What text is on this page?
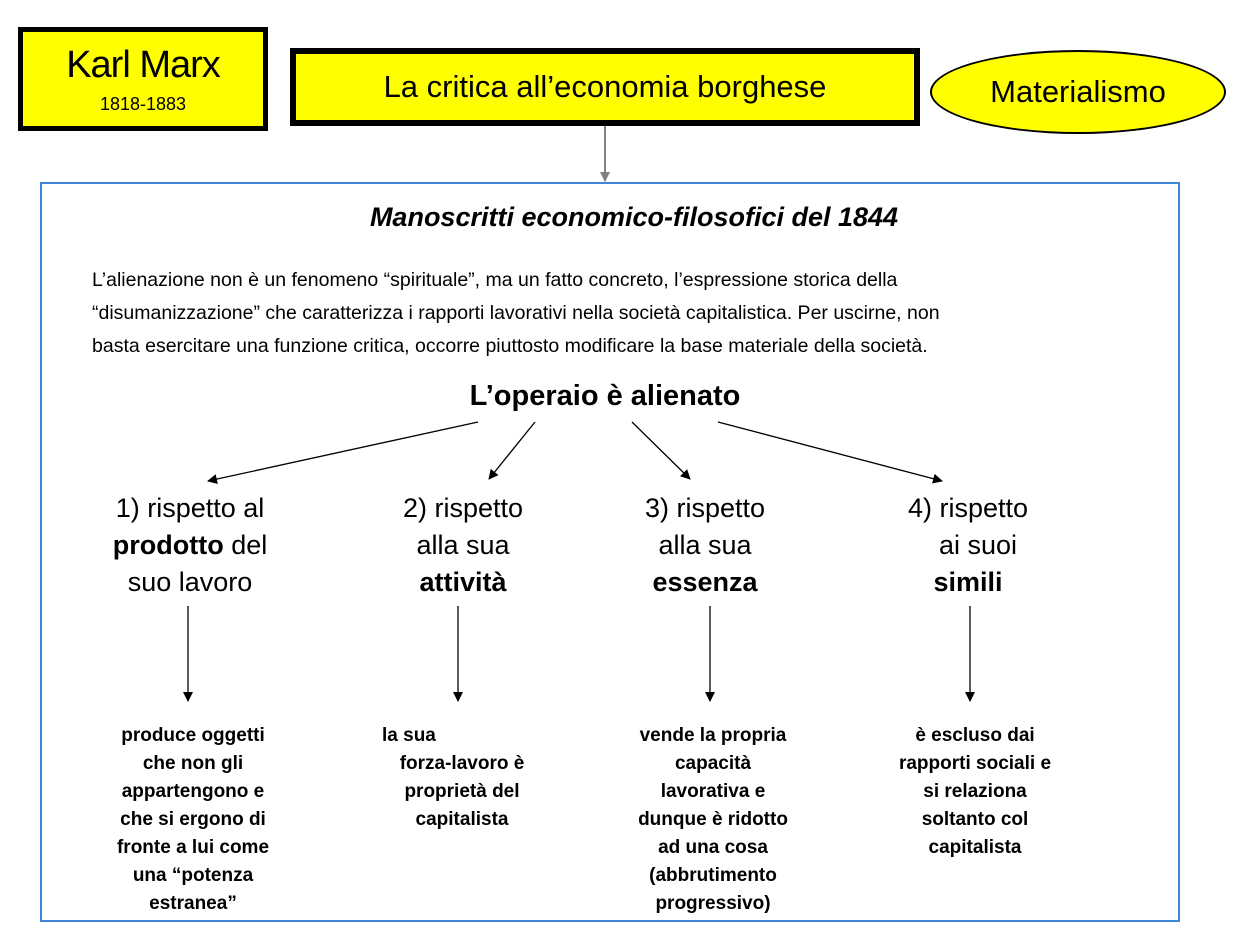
Karl Marx
1818-1883	La critica all’economia borghese	Materialismo
Manoscritti economico-filosofici del 1844
L’alienazione non è un fenomeno “spirituale”, ma un fatto concreto, l’espressione storica della
“disumanizzazione” che caratterizza i rapporti lavorativi nella società capitalistica. Per uscirne, non
basta esercitare una funzione critica, occorre piuttosto modificare la base materiale della società.
L’operaio è alienato
1) rispetto al
prodotto del
suo lavoro
2) rispetto
alla sua
attività
3) rispetto
alla sua
essenza
4) rispetto
ai suoi
simili
produce oggetti
che non gli
appartengono e
che si ergono di
fronte a lui come
una “potenza
estranea”
la sua
forza-lavoro è
proprietà del
capitalista
vende la propria
capacità
lavorativa e
dunque è ridotto
ad una cosa
(abbrutimento
progressivo)
è escluso dai
rapporti sociali e
si relaziona
soltanto col
capitalista
